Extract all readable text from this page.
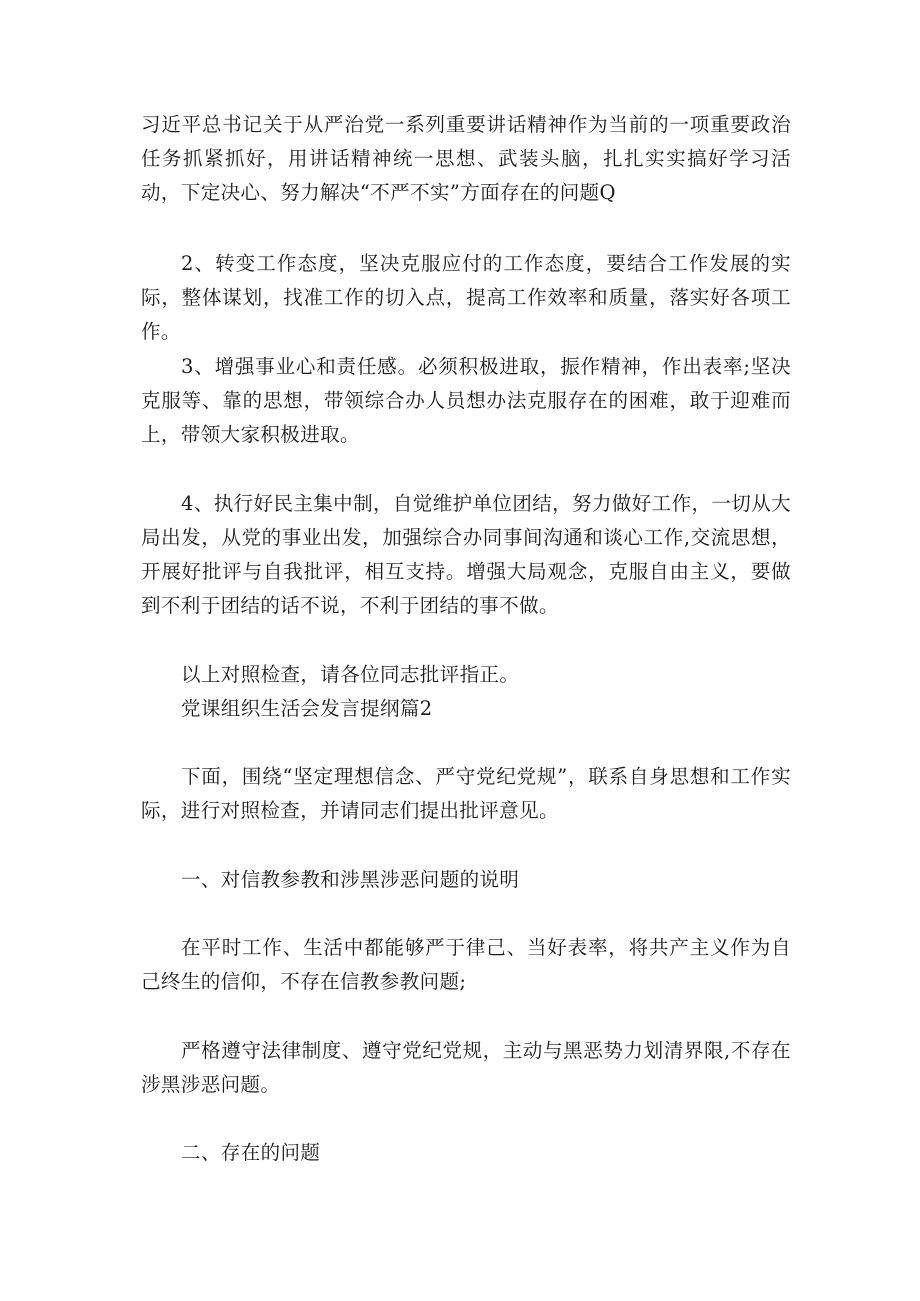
习近平总书记关于从严治党一系列重要讲话精神作为当前的一项重要政治任务抓紧抓好，用讲话精神统一思想、武装头脑，扎扎实实搞好学习活动，下定决心、努力解决“不严不实”方面存在的问题Q

2、转变工作态度，坚决克服应付的工作态度，要结合工作发展的实际，整体谋划，找准工作的切入点，提高工作效率和质量，落实好各项工作。

3、增强事业心和责任感。必须积极进取，振作精神，作出表率;坚决克服等、靠的思想，带领综合办人员想办法克服存在的困难，敢于迎难而上，带领大家积极进取。

4、执行好民主集中制，自觉维护单位团结，努力做好工作，一切从大局出发，从党的事业出发，加强综合办同事间沟通和谈心工作,交流思想，开展好批评与自我批评，相互支持。增强大局观念，克服自由主义，要做到不利于团结的话不说，不利于团结的事不做。

以上对照检查，请各位同志批评指正。

党课组织生活会发言提纲篇2

下面，围绕“坚定理想信念、严守党纪党规”，联系自身思想和工作实际，进行对照检查，并请同志们提出批评意见。

一、对信教参教和涉黑涉恶问题的说明

在平时工作、生活中都能够严于律己、当好表率，将共产主义作为自己终生的信仰，不存在信教参教问题;

严格遵守法律制度、遵守党纪党规，主动与黑恶势力划清界限,不存在涉黑涉恶问题。

二、存在的问题
